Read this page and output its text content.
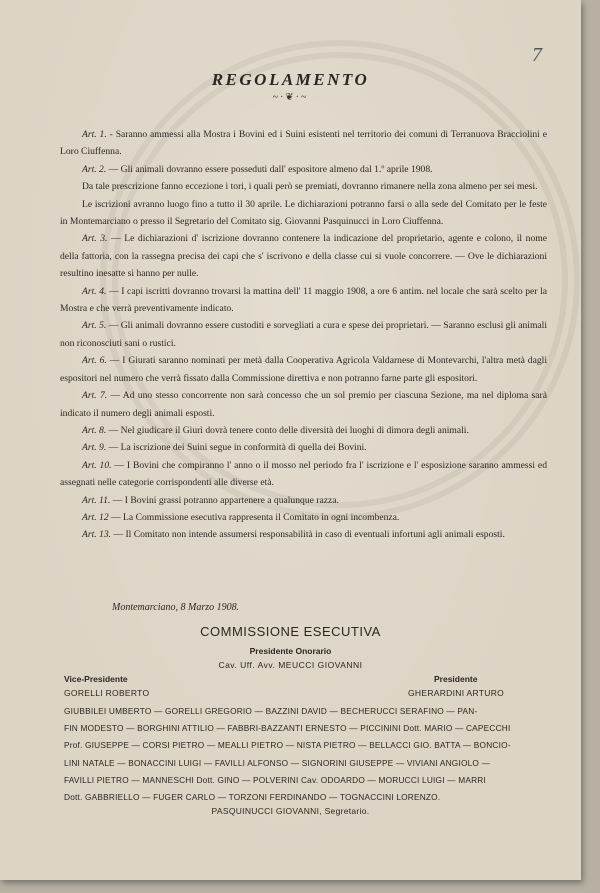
7
REGOLAMENTO
~·❦·~

Art. 1. - Saranno ammessi alla Mostra i Bovini ed i Suini esistenti nel territorio dei comuni di Terranuova Bracciolini e Loro Ciuffenna.

Art. 2. — Gli animali dovranno essere posseduti dall' espositore almeno dal 1.º aprile 1908.

Da tale prescrizione fanno eccezione i tori, i quali però se premiati, dovranno rimanere nella zona almeno per sei mesi.

Le iscrizioni avranno luogo fino a tutto il 30 aprile. Le dichiarazioni potranno farsi o alla sede del Comitato per le feste in Montemarciano o presso il Segretario del Comitato sig. Giovanni Pasquinucci in Loro Ciuffenna.

Art. 3. — Le dichiarazioni d' iscrizione dovranno contenere la indicazione del proprietario, agente e colono, il nome della fattoria, con la rassegna precisa dei capi che s' iscrivono e della classe cui si vuole concorrere. — Ove le dichiarazioni resultino inesatte si hanno per nulle.

Art. 4. — I capi iscritti dovranno trovarsi la mattina dell' 11 maggio 1908, a ore 6 antim. nel locale che sarà scelto per la Mostra e che verrà preventivamente indicato.

Art. 5. — Gli animali dovranno essere custoditi e sorvegliati a cura e spese dei proprietari. — Saranno esclusi gli animali non riconosciuti sani o rustici.

Art. 6. — I Giurati saranno nominati per metà dalla Cooperativa Agricola Valdarnese di Montevarchi, l'altra metà dagli espositori nel numero che verrà fissato dalla Commissione direttiva e non potranno farne parte gli espositori.

Art. 7. — Ad uno stesso concorrente non sarà concesso che un sol premio per ciascuna Sezione, ma nel diploma sarà indicato il numero degli animali esposti.

Art. 8. — Nel giudicare il Giurì dovrà tenere conto delle diversità dei luoghi di dimora degli animali.

Art. 9. — La iscrizione dei Suini segue in conformità di quella dei Bovini.

Art. 10. — I Bovini che compiranno l' anno o il mosso nel periodo fra l' iscrizione e l' esposizione saranno ammessi ed assegnati nelle categorie corrispondenti alle diverse età.

Art. 11. — I Bovini grassi potranno appartenere a qualunque razza.

Art. 12 — La Commissione esecutiva rappresenta il Comitato in ogni incombenza.

Art. 13. — Il Comitato non intende assumersi responsabilità in caso di eventuali infortuni agli animali esposti.

Montemarciano, 8 Marzo 1908.
COMMISSIONE ESECUTIVA
Presidente Onorario
Cav. Uff. Avv. MEUCCI GIOVANNI
Vice-Presidente
GORELLI ROBERTO
Presidente
GHERARDINI ARTURO
GIUBBILEI UMBERTO — GORELLI GREGORIO — BAZZINI DAVID — BECHERUCCI SERAFINO — PAN-
FIN MODESTO — BORGHINI ATTILIO — FABBRI-BAZZANTI ERNESTO — PICCININI Dott. MARIO — CAPECCHI
Prof. GIUSEPPE — CORSI PIETRO — MEALLI PIETRO — NISTA PIETRO — BELLACCI GIO. BATTA — BONCIO-
LINI NATALE — BONACCINI LUIGI — FAVILLI ALFONSO — SIGNORINI GIUSEPPE — VIVIANI ANGIOLO —
FAVILLI PIETRO — MANNESCHI Dott. GINO — POLVERINI Cav. ODOARDO — MORUCCI LUIGI — MARRI
Dott. GABBRIELLO — FUGER CARLO — TORZONI FERDINANDO — TOGNACCINI LORENZO.
PASQUINUCCI GIOVANNI, Segretario.
